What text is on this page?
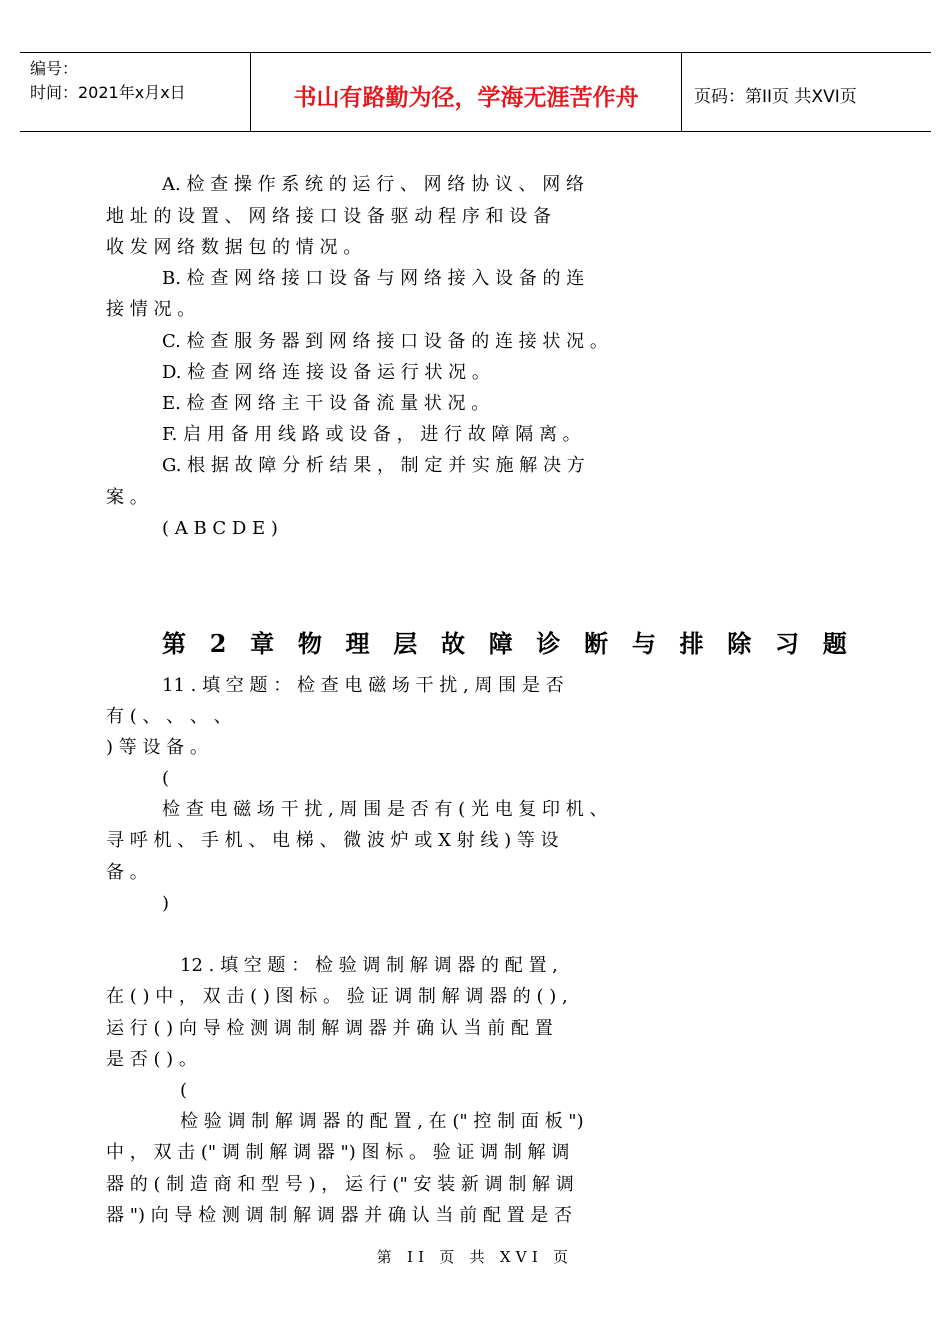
编号：
时间：2021年x月x日	书山有路勤为径，学海无涯苦作舟	页码：第II页 共XVI页
A. 检 查 操 作 系 统 的 运 行 、 网 络 协 议 、 网 络
地 址 的 设 置 、 网 络 接 口 设 备 驱 动 程 序 和 设 备
收 发 网 络 数 据 包 的 情 况 。
B. 检 查 网 络 接 口 设 备 与 网 络 接 入 设 备 的 连
接 情 况 。
C. 检 查 服 务 器 到 网 络 接 口 设 备 的 连 接 状 况 。
D. 检 查 网 络 连 接 设 备 运 行 状 况 。
E. 检 查 网 络 主 干 设 备 流 量 状 况 。
F. 启 用 备 用 线 路 或 设 备 ， 进 行 故 障 隔 离 。
G. 根 据 故 障 分 析 结 果 ， 制 定 并 实 施 解 决 方
案 。
( A B C D E )
第 2 章 物 理 层 故 障 诊 断 与 排 除 习 题
11 . 填 空 题 ： 检 查 电 磁 场 干 扰 , 周 围 是 否
有 ( 、 、 、 、
) 等 设 备 。
(
检 查 电 磁 场 干 扰 , 周 围 是 否 有 ( 光 电 复 印 机 、
寻 呼 机 、 手 机 、 电 梯 、 微 波 炉 或 X 射 线 ) 等 设
备 。
)
12 . 填 空 题 ： 检 验 调 制 解 调 器 的 配 置 ,
在 ( ) 中 ， 双 击 ( ) 图 标 。 验 证 调 制 解 调 器 的 ( ) ,
运 行 ( ) 向 导 检 测 调 制 解 调 器 并 确 认 当 前 配 置
是 否 ( ) 。
(
检 验 调 制 解 调 器 的 配 置 , 在 (" 控 制 面 板 ")
中 ， 双 击 (" 调 制 解 调 器 ") 图 标 。 验 证 调 制 解 调
器 的 ( 制 造 商 和 型 号 ) ， 运 行 (" 安 装 新 调 制 解 调
器 ") 向 导 检 测 调 制 解 调 器 并 确 认 当 前 配 置 是 否
第 II 页 共 XVI 页
